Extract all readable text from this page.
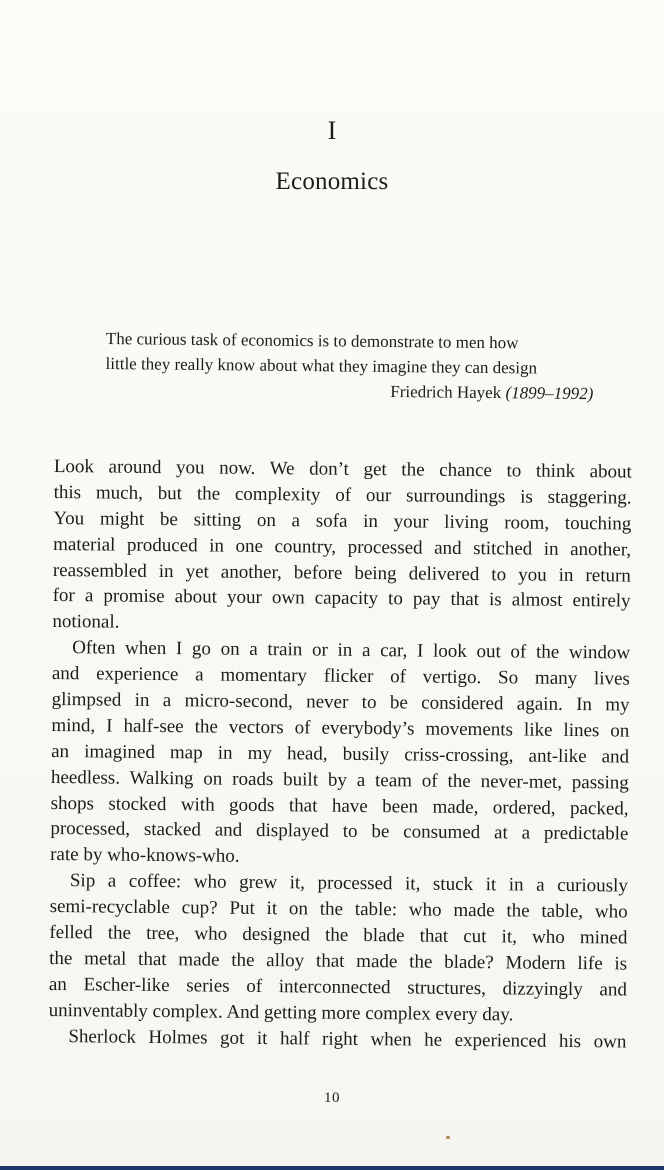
I
Economics
The curious task of economics is to demonstrate to men how
little they really know about what they imagine they can design
Friedrich Hayek (1899–1992)
Look around you now. We don’t get the chance to think about
this much, but the complexity of our surroundings is staggering.
You might be sitting on a sofa in your living room, touching
material produced in one country, processed and stitched in another,
reassembled in yet another, before being delivered to you in return
for a promise about your own capacity to pay that is almost entirely
notional.
Often when I go on a train or in a car, I look out of the window
and experience a momentary flicker of vertigo. So many lives
glimpsed in a micro-second, never to be considered again. In my
mind, I half-see the vectors of everybody’s movements like lines on
an imagined map in my head, busily criss-crossing, ant-like and
heedless. Walking on roads built by a team of the never-met, passing
shops stocked with goods that have been made, ordered, packed,
processed, stacked and displayed to be consumed at a predictable
rate by who-knows-who.
Sip a coffee: who grew it, processed it, stuck it in a curiously
semi-recyclable cup? Put it on the table: who made the table, who
felled the tree, who designed the blade that cut it, who mined
the metal that made the alloy that made the blade? Modern life is
an Escher-like series of interconnected structures, dizzyingly and
uninventably complex. And getting more complex every day.
Sherlock Holmes got it half right when he experienced his own
10
